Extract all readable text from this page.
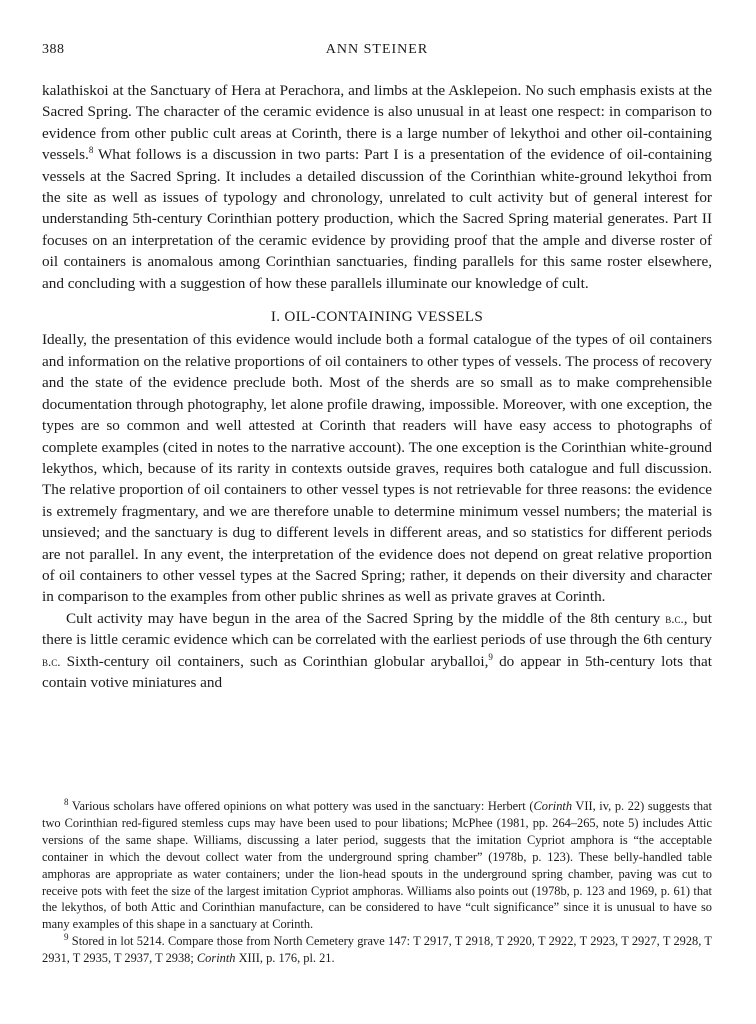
388	ANN STEINER

kalathiskoi at the Sanctuary of Hera at Perachora, and limbs at the Asklepeion. No such emphasis exists at the Sacred Spring. The character of the ceramic evidence is also unusual in at least one respect: in comparison to evidence from other public cult areas at Corinth, there is a large number of lekythoi and other oil-containing vessels.$^8$ What follows is a discussion in two parts: Part I is a presentation of the evidence of oil-containing vessels at the Sacred Spring. It includes a detailed discussion of the Corinthian white-ground lekythoi from the site as well as issues of typology and chronology, unrelated to cult activity but of general interest for understanding 5th-century Corinthian pottery production, which the Sacred Spring material generates. Part II focuses on an interpretation of the ceramic evidence by providing proof that the ample and diverse roster of oil containers is anomalous among Corinthian sanctuaries, finding parallels for this same roster elsewhere, and concluding with a suggestion of how these parallels illuminate our knowledge of cult.

I. OIL-CONTAINING VESSELS

Ideally, the presentation of this evidence would include both a formal catalogue of the types of oil containers and information on the relative proportions of oil containers to other types of vessels. The process of recovery and the state of the evidence preclude both. Most of the sherds are so small as to make comprehensible documentation through photography, let alone profile drawing, impossible. Moreover, with one exception, the types are so common and well attested at Corinth that readers will have easy access to photographs of complete examples (cited in notes to the narrative account). The one exception is the Corinthian white-ground lekythos, which, because of its rarity in contexts outside graves, requires both catalogue and full discussion. The relative proportion of oil containers to other vessel types is not retrievable for three reasons: the evidence is extremely fragmentary, and we are therefore unable to determine minimum vessel numbers; the material is unsieved; and the sanctuary is dug to different levels in different areas, and so statistics for different periods are not parallel. In any event, the interpretation of the evidence does not depend on great relative proportion of oil containers to other vessel types at the Sacred Spring; rather, it depends on their diversity and character in comparison to the examples from other public shrines as well as private graves at Corinth.

Cult activity may have begun in the area of the Sacred Spring by the middle of the 8th century b.c., but there is little ceramic evidence which can be correlated with the earliest periods of use through the 6th century b.c. Sixth-century oil containers, such as Corinthian globular aryballoi,$^9$ do appear in 5th-century lots that contain votive miniatures and

$^8$ Various scholars have offered opinions on what pottery was used in the sanctuary: Herbert (Corinth VII, iv, p. 22) suggests that two Corinthian red-figured stemless cups may have been used to pour libations; McPhee (1981, pp. 264–265, note 5) includes Attic versions of the same shape. Williams, discussing a later period, suggests that the imitation Cypriot amphora is “the acceptable container in which the devout collect water from the underground spring chamber” (1978b, p. 123). These belly-handled table amphoras are appropriate as water containers; under the lion-head spouts in the underground spring chamber, paving was cut to receive pots with feet the size of the largest imitation Cypriot amphoras. Williams also points out (1978b, p. 123 and 1969, p. 61) that the lekythos, of both Attic and Corinthian manufacture, can be considered to have “cult significance” since it is unusual to have so many examples of this shape in a sanctuary at Corinth.

$^9$ Stored in lot 5214. Compare those from North Cemetery grave 147: T 2917, T 2918, T 2920, T 2922, T 2923, T 2927, T 2928, T 2931, T 2935, T 2937, T 2938; Corinth XIII, p. 176, pl. 21.
